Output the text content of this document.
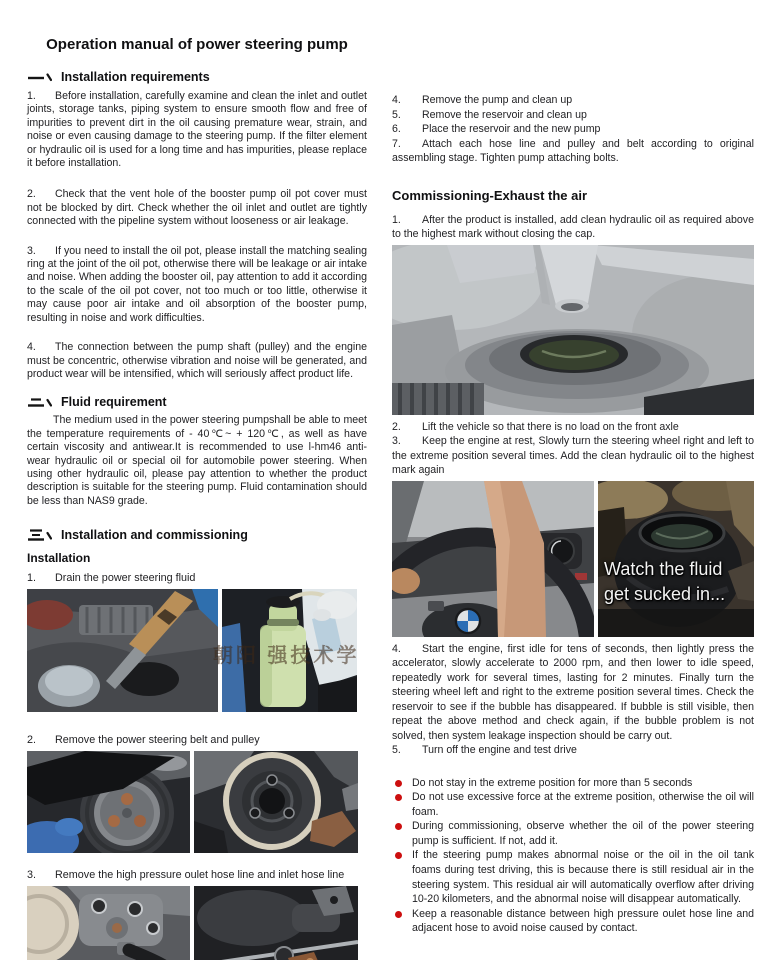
Operation manual of power steering pump
Installation requirements

1. Before installation, carefully examine and clean the inlet and outlet joints, storage tanks, piping system to ensure smooth flow and free of impurities to prevent dirt in the oil causing premature wear, strain, and noise or even causing damage to the steering pump. If the filter element or hydraulic oil is used for a long time and has impurities, please replace it before installation.

2. Check that the vent hole of the booster pump oil pot cover must not be blocked by dirt. Check whether the oil inlet and outlet are tightly connected with the pipeline system without looseness or air leakage.

3. If you need to install the oil pot, please install the matching sealing ring at the joint of the oil pot, otherwise there will be leakage or air intake and noise. When adding the booster oil, pay attention to add it according to the scale of the oil pot cover, not too much or too little, otherwise it may cause poor air intake and oil absorption of the booster pump, resulting in noise and work difficulties.

4. The connection between the pump shaft (pulley) and the engine must be concentric, otherwise vibration and noise will be generated, and product wear will be intensified, which will seriously affect product life.

Fluid requirement

The medium used in the power steering pumpshall be able to meet the temperature requirements of - 40℃~ + 120℃, as well as have certain viscosity and antiwear.It is recommended to use l-hm46 anti-wear hydraulic oil or special oil for automobile power steering. When using other hydraulic oil, please pay attention to whether the product description is suitable for the steering pump. Fluid contamination should be less than NAS9 grade.

Installation and commissioning

Installation

1. Drain the power steering fluid

朝阳 强技术学

2. Remove the power steering belt and pulley

3. Remove the high pressure oulet hose line and inlet hose line

4. Remove the pump and clean up

5. Remove the reservoir and clean up

6. Place the reservoir and the new pump

7. Attach each hose line and pulley and belt according to original assembling stage. Tighten pump attaching bolts.

Commissioning-Exhaust the air

1. After the product is installed, add clean hydraulic oil as required above to the highest mark without closing the cap.

2. Lift the vehicle so that there is no load on the front axle

3. Keep the engine at rest, Slowly turn the steering wheel right and left to the extreme position several times. Add the clean hydraulic oil to the highest mark again

Watch the fluid
get sucked in...

4. Start the engine, first idle for tens of seconds, then lightly press the accelerator, slowly accelerate to 2000 rpm, and then lower to idle speed, repeatedly work for several times, lasting for 2 minutes. Finally turn the steering wheel left and right to the extreme position several times. Check the reservoir to see if the bubble has disappeared. If bubble is still visible, then repeat the above method and check again, if the bubble problem is not solved, then system leakage inspection should be carry out.

5. Turn off the engine and test drive

Do not stay in the extreme position for more than 5 seconds
Do not use excessive force at the extreme position, otherwise the oil will foam.
During commissioning, observe whether the oil of the power steering pump is sufficient. If not, add it.
If the steering pump makes abnormal noise or the oil in the oil tank foams during test driving, this is because there is still residual air in the steering system. This residual air will automatically overflow after driving 10-20 kilometers, and the abnormal noise will disappear automatically.
Keep a reasonable distance between high pressure oulet hose line and adjacent hose to avoid noise caused by contact.
